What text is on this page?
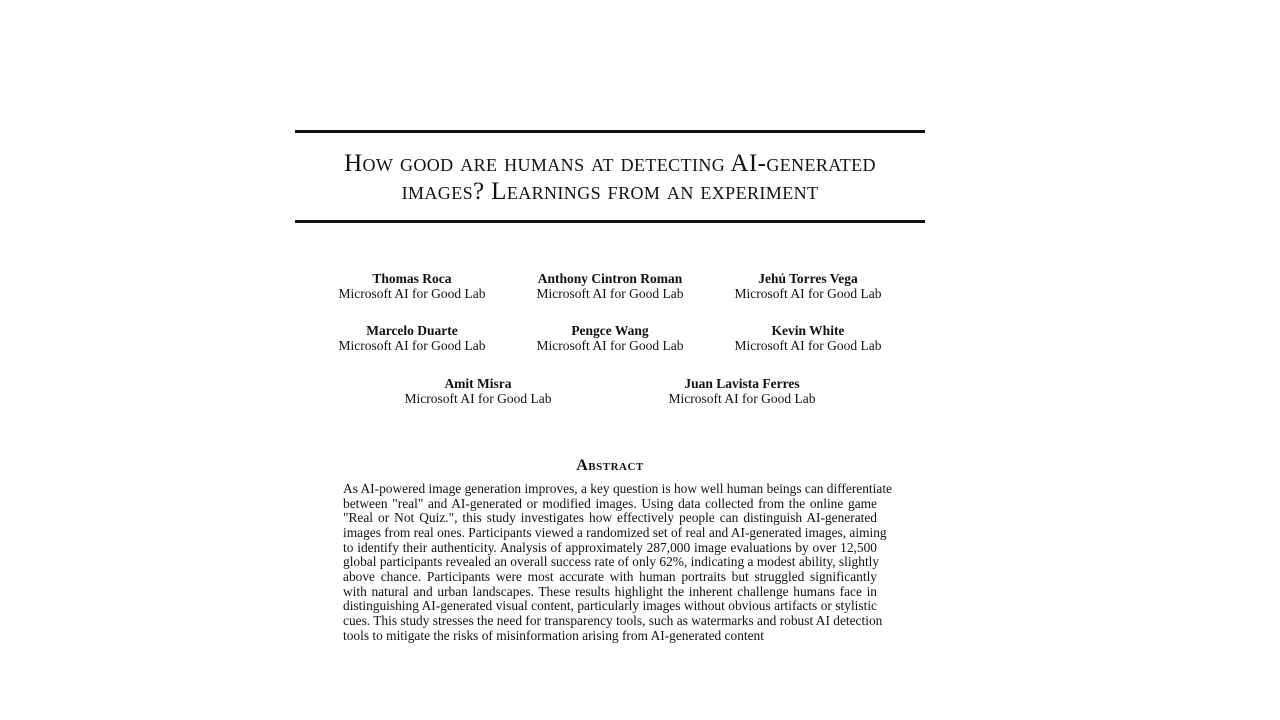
How good are humans at detecting AI-generated
images? Learnings from an experiment
Thomas Roca
Microsoft AI for Good Lab
Anthony Cintron Roman
Microsoft AI for Good Lab
Jehú Torres Vega
Microsoft AI for Good Lab
Marcelo Duarte
Microsoft AI for Good Lab
Pengce Wang
Microsoft AI for Good Lab
Kevin White
Microsoft AI for Good Lab
Amit Misra
Microsoft AI for Good Lab
Juan Lavista Ferres
Microsoft AI for Good Lab
Abstract
As AI-powered image generation improves, a key question is how well human beings can differentiate
between "real" and AI-generated or modified images. Using data collected from the online game
"Real or Not Quiz.", this study investigates how effectively people can distinguish AI-generated
images from real ones. Participants viewed a randomized set of real and AI-generated images, aiming
to identify their authenticity. Analysis of approximately 287,000 image evaluations by over 12,500
global participants revealed an overall success rate of only 62%, indicating a modest ability, slightly
above chance. Participants were most accurate with human portraits but struggled significantly
with natural and urban landscapes. These results highlight the inherent challenge humans face in
distinguishing AI-generated visual content, particularly images without obvious artifacts or stylistic
cues. This study stresses the need for transparency tools, such as watermarks and robust AI detection
tools to mitigate the risks of misinformation arising from AI-generated content
